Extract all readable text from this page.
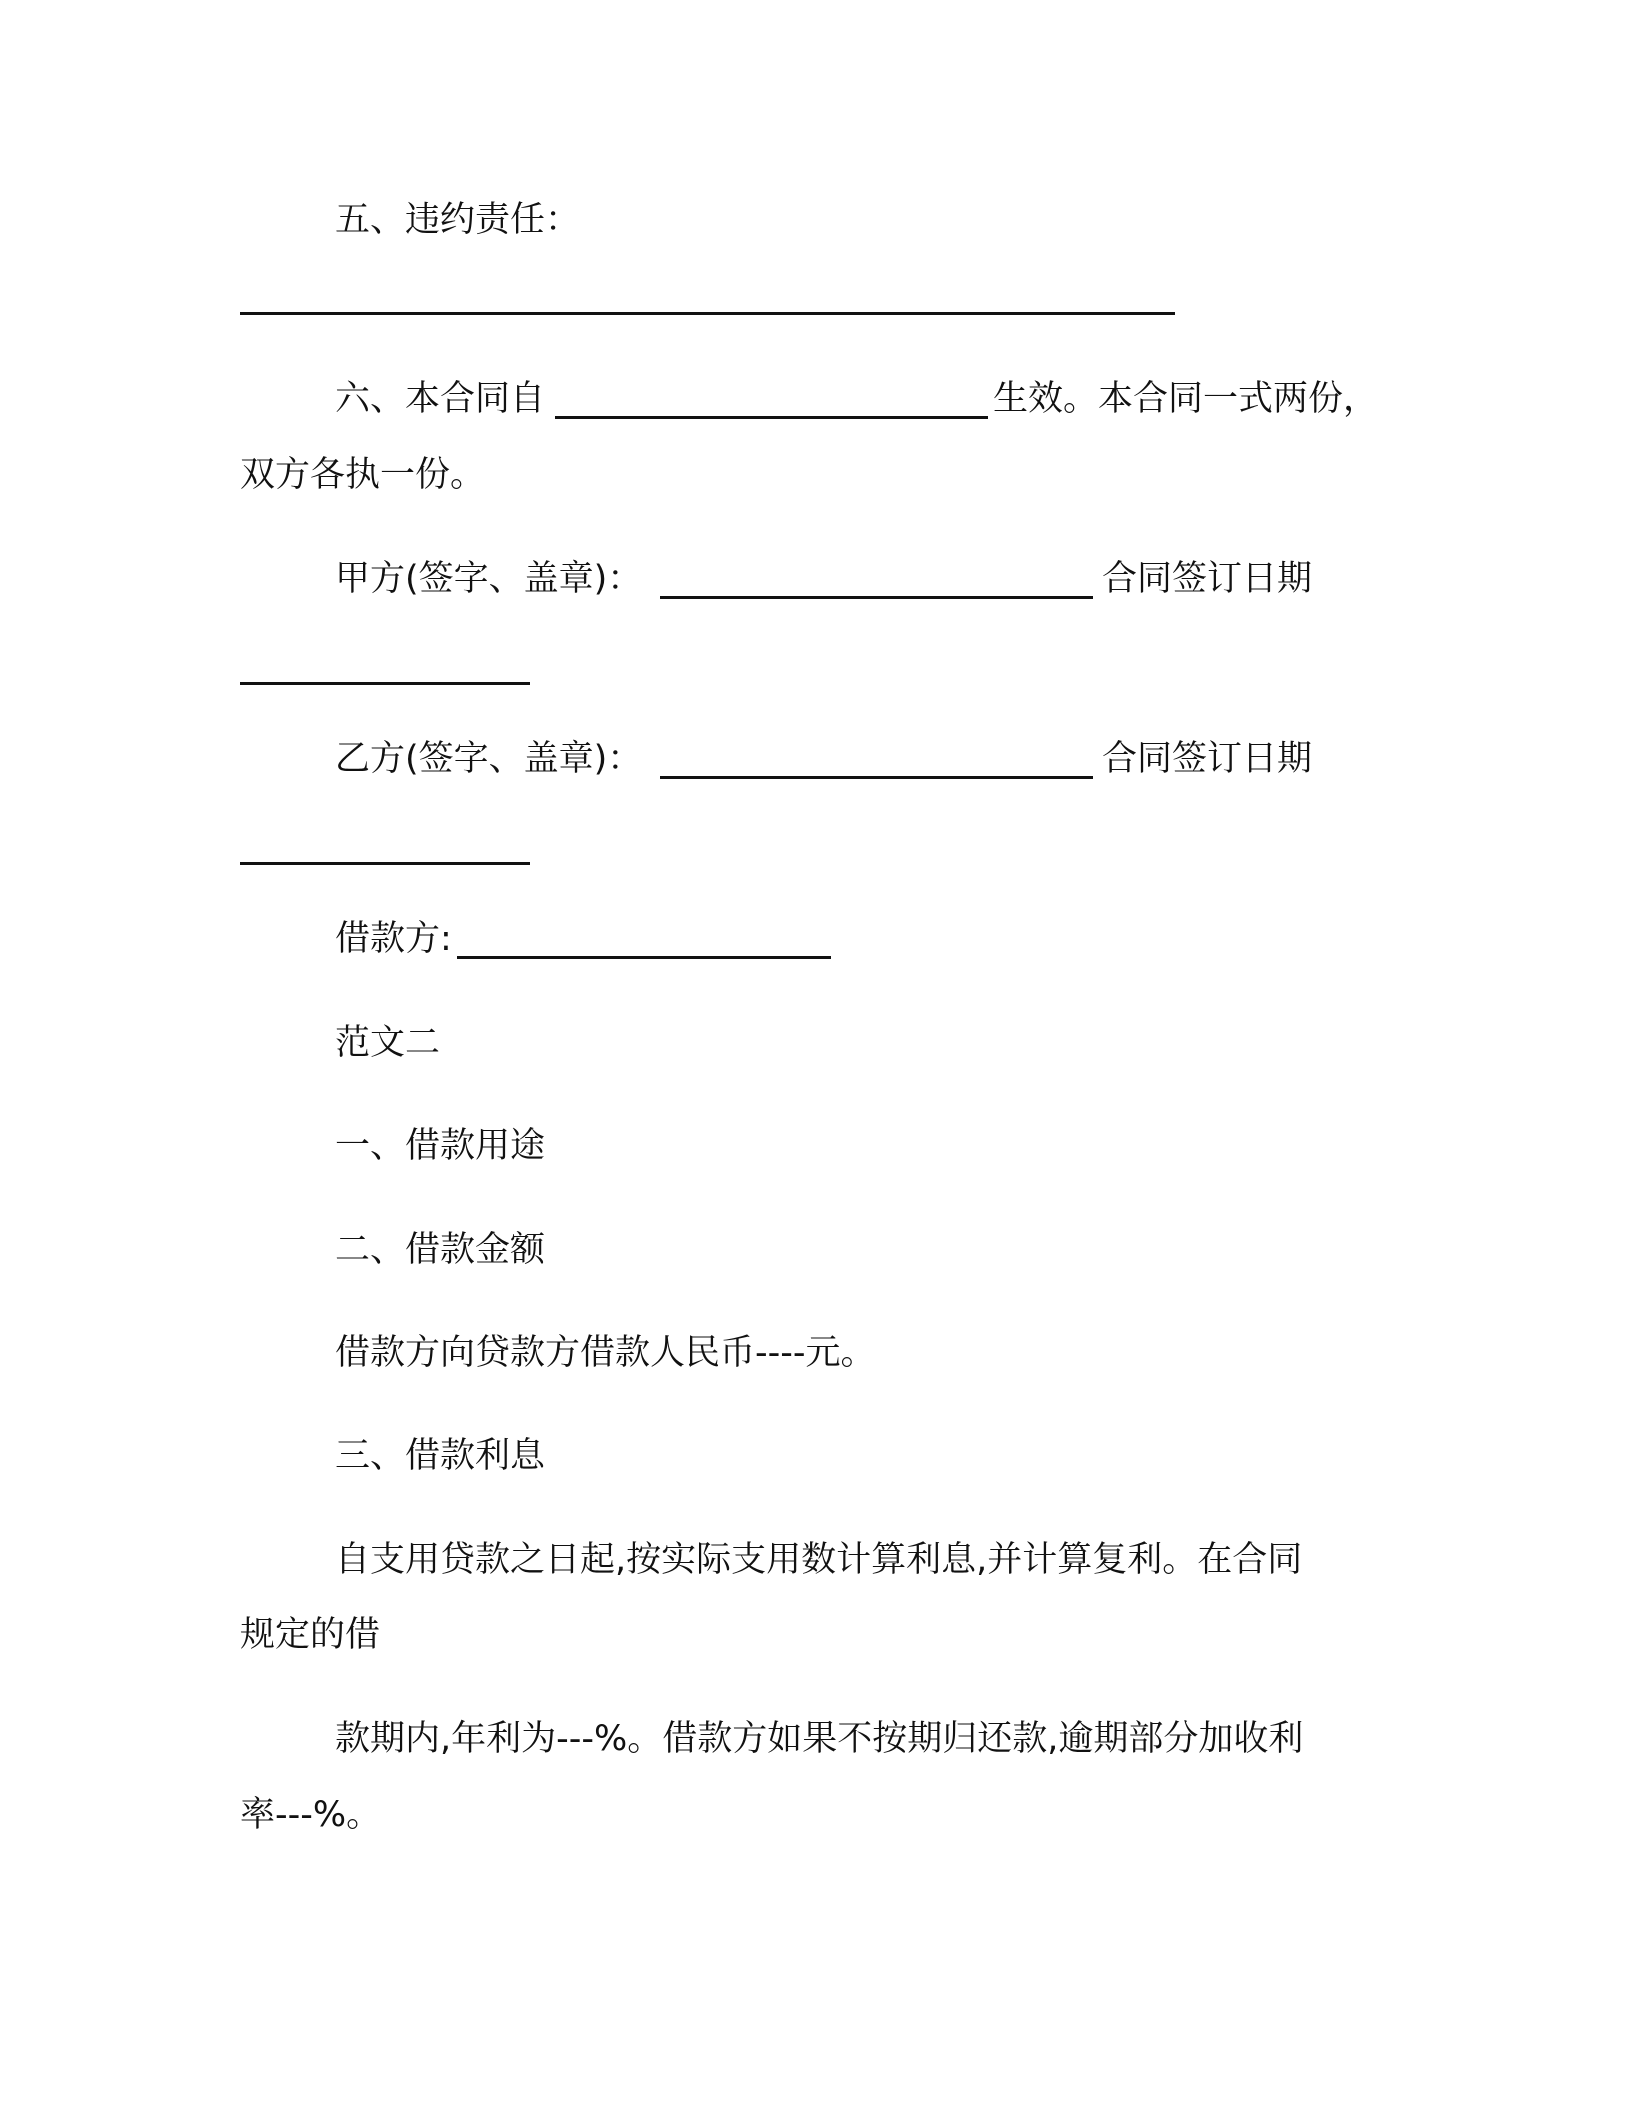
五、违约责任：
六、本合同自	生效。本合同一式两份，
双方各执一份。
甲方(签字、盖章)：	合同签订日期
乙方(签字、盖章)：	合同签订日期
借款方:
范文二
一、借款用途
二、借款金额
借款方向贷款方借款人民币----元。
三、借款利息
自支用贷款之日起,按实际支用数计算利息,并计算复利。在合同
规定的借
款期内,年利为---%。借款方如果不按期归还款,逾期部分加收利
率---%。
